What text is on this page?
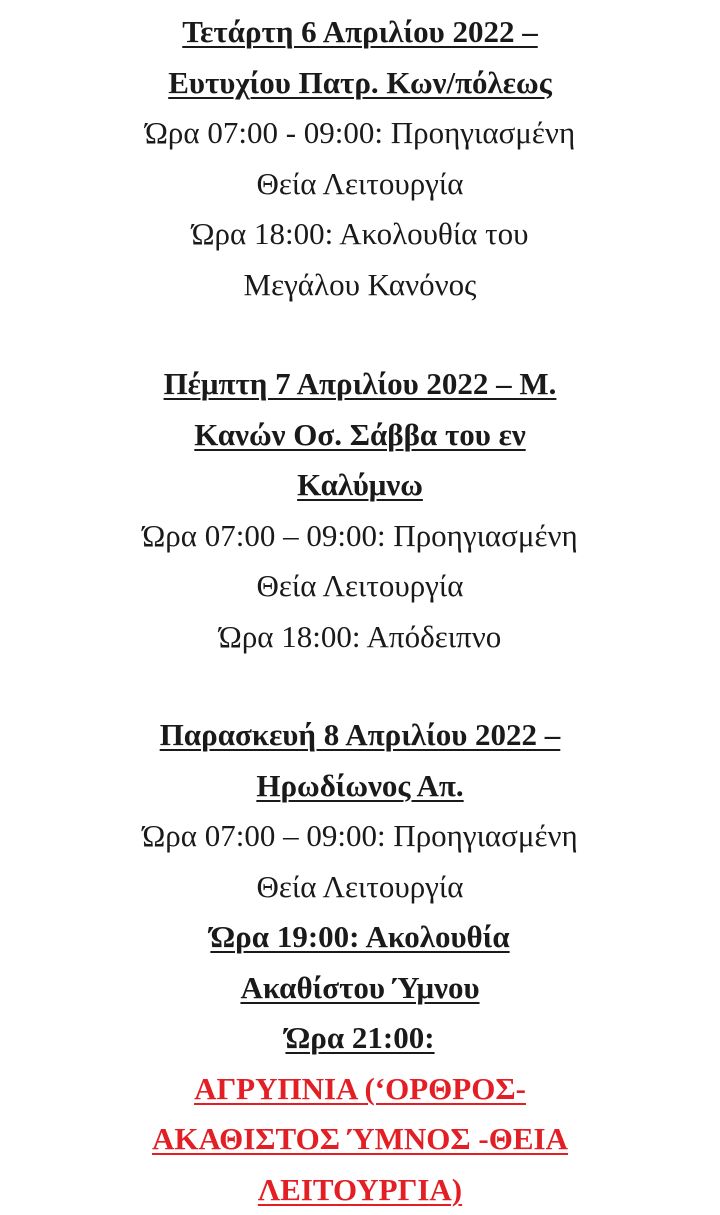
Τετάρτη 6 Απριλίου 2022 –
Ευτυχίου Πατρ. Κων/πόλεως
Ώρα 07:00 - 09:00: Προηγιασμένη
Θεία Λειτουργία
Ώρα 18:00: Ακολουθία του
Μεγάλου Κανόνος
Πέμπτη 7 Απριλίου 2022 – Μ.
Κανών Οσ. Σάββα του εν
Καλύμνω
Ώρα 07:00 – 09:00: Προηγιασμένη
Θεία Λειτουργία
Ώρα 18:00: Απόδειπνο
Παρασκευή 8 Απριλίου 2022 –
Ηρωδίωνος Απ.
Ώρα 07:00 – 09:00: Προηγιασμένη
Θεία Λειτουργία
Ώρα 19:00: Ακολουθία
Ακαθίστου Ύμνου
Ώρα 21:00:
ΑΓΡΥΠΝΙΑ (‘ΟΡΘΡΟΣ-
ΑΚΑΘΙΣΤΟΣ ΎΜΝΟΣ -ΘΕΙΑ
ΛΕΙΤΟΥΡΓΙΑ)
